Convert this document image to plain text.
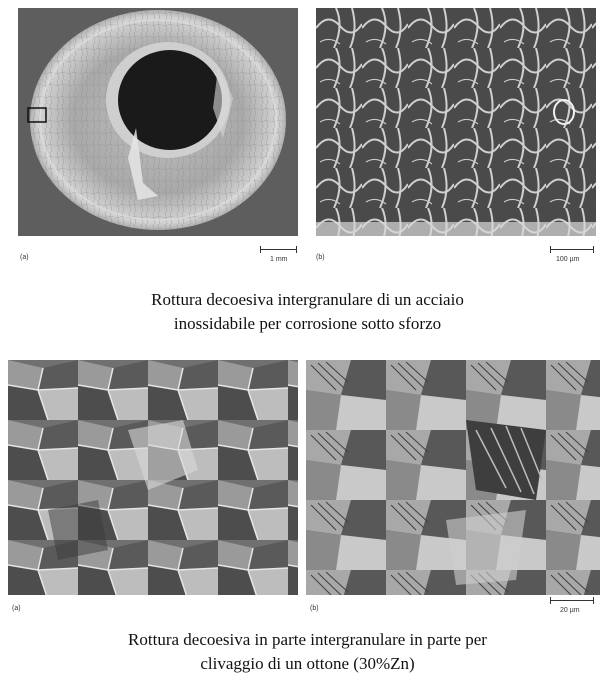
(a)	(b)
1 mm	100 µm
Rottura decoesiva intergranulare di un acciaio
inossidabile per corrosione sotto sforzo
(a)	(b)	20 µm
Rottura decoesiva in parte intergranulare in parte per
clivaggio di un ottone (30%Zn)
